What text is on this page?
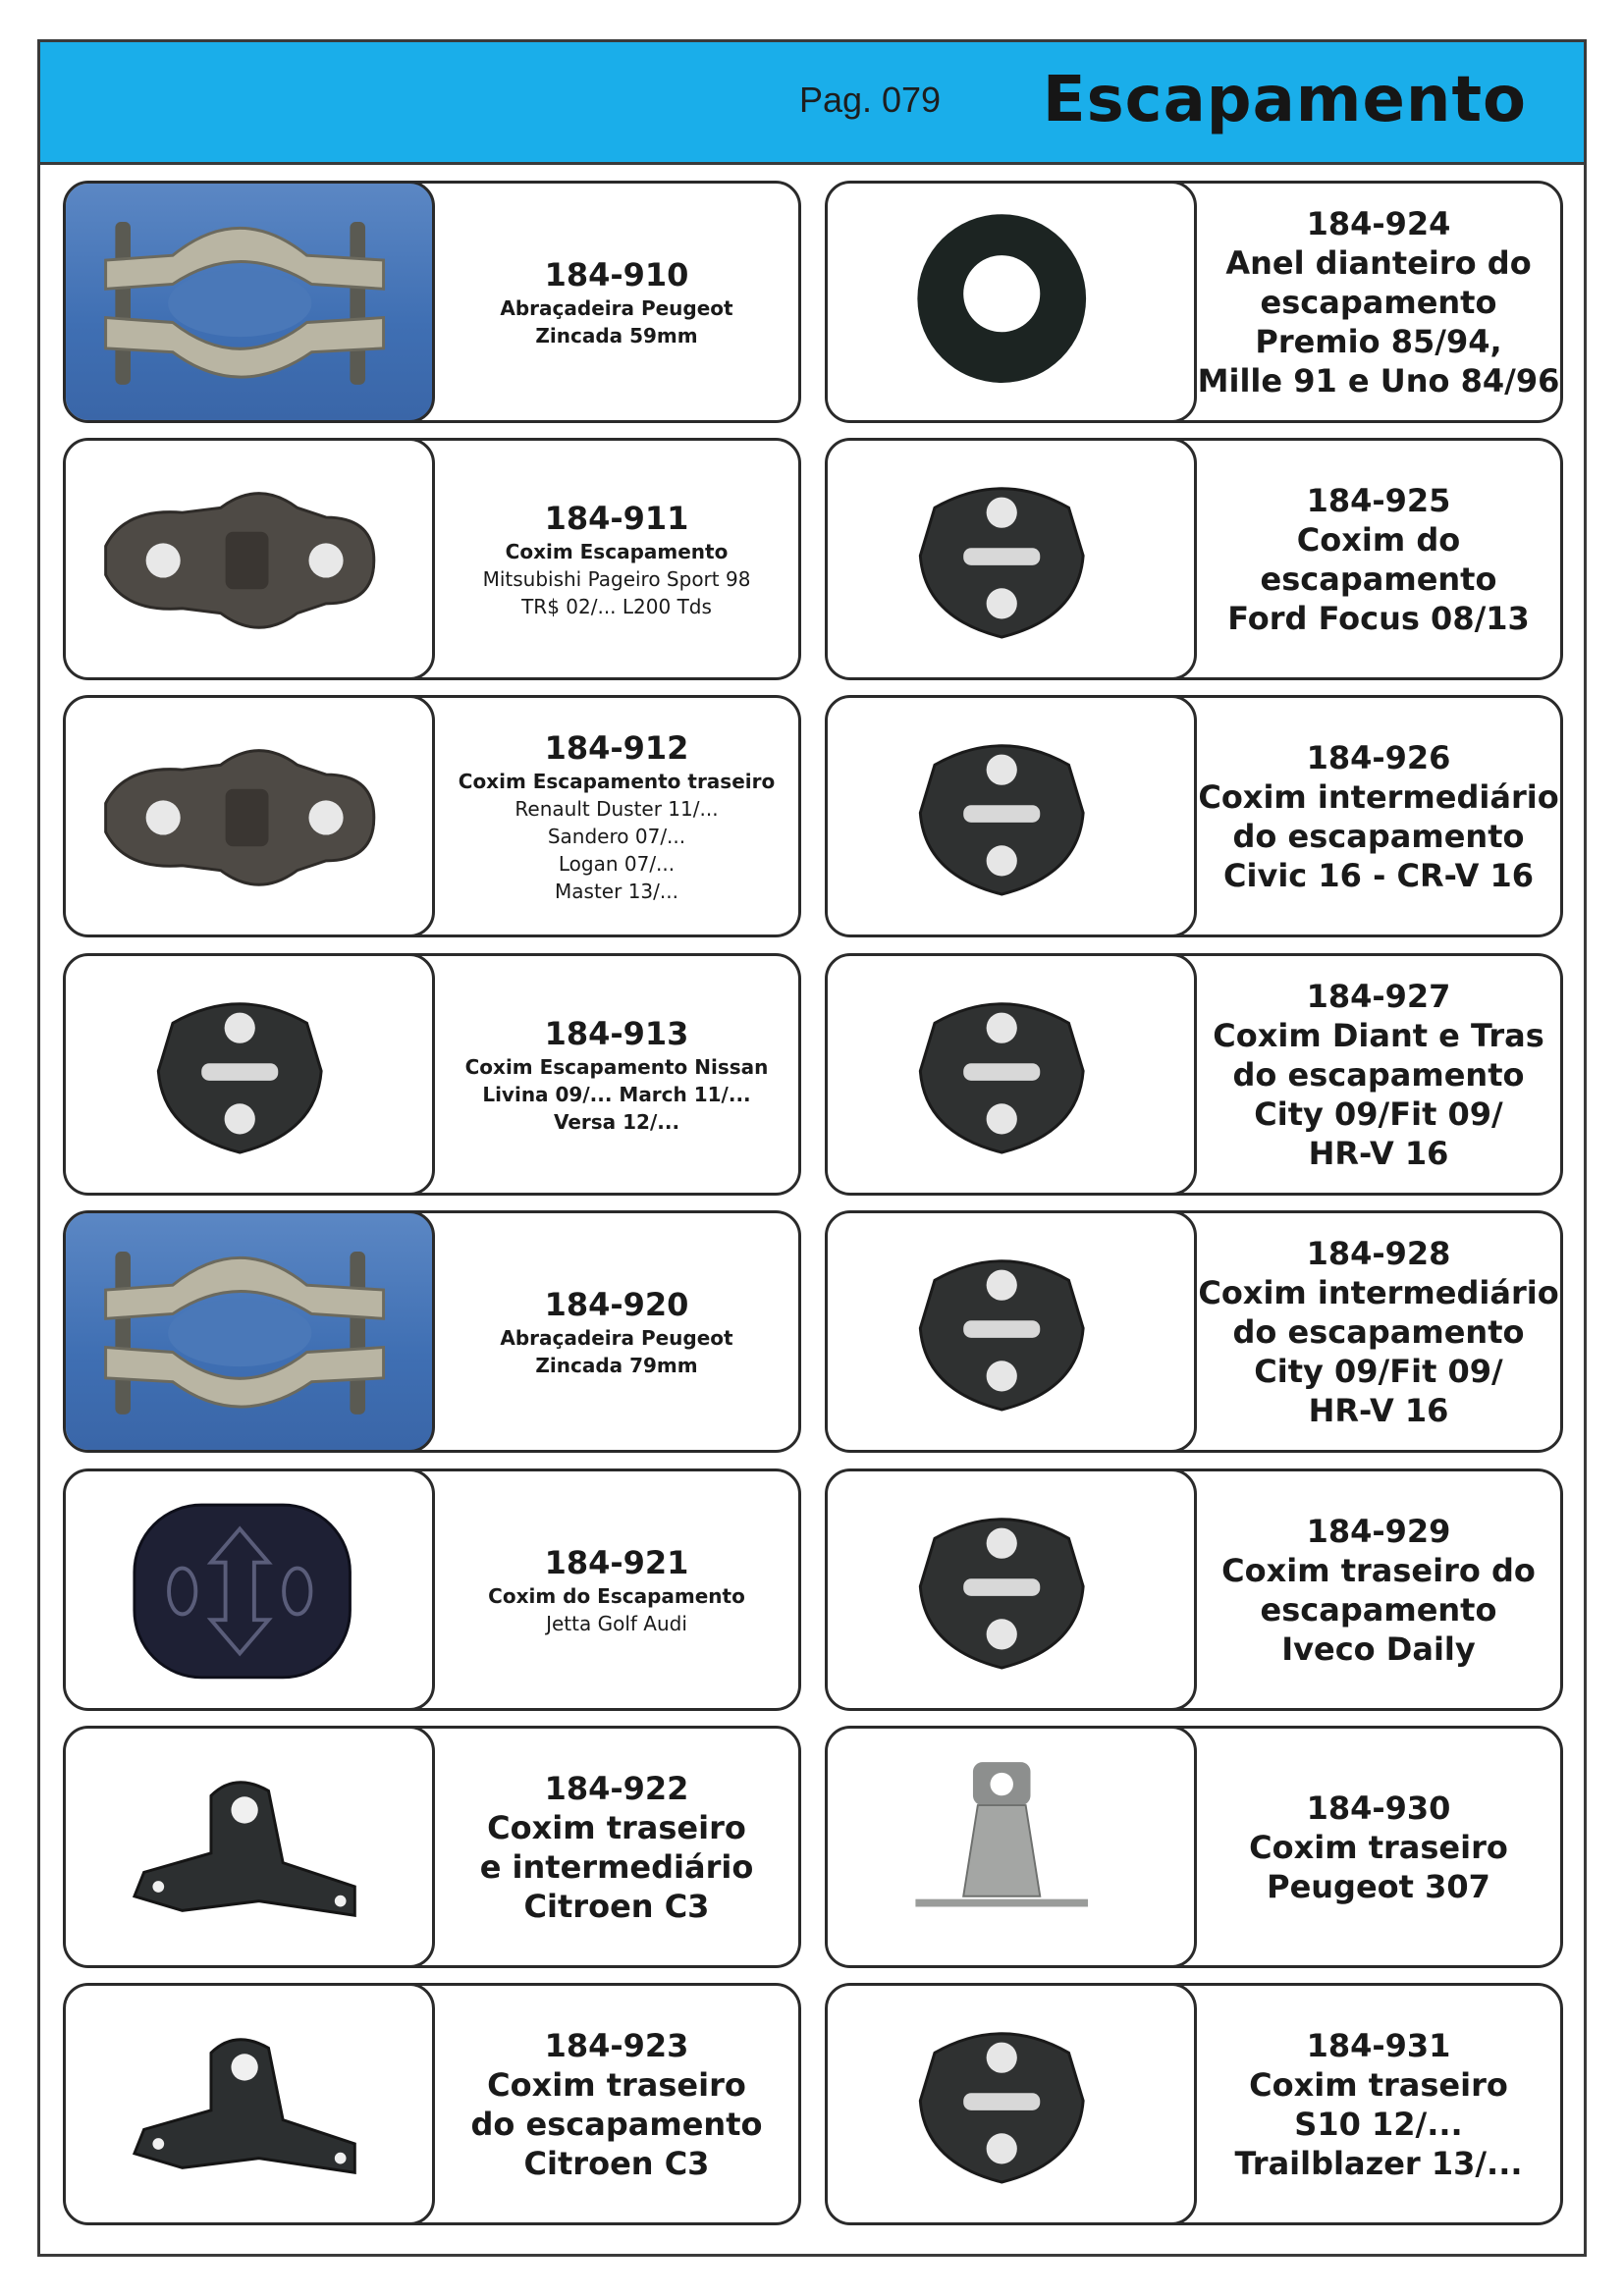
Pag. 079	Escapamento
184-910
Abraçadeira Peugeot
Zincada 59mm
184-911
Coxim Escapamento
Mitsubishi Pageiro Sport 98
TR$ 02/... L200 Tds
184-912
Coxim Escapamento traseiro
Renault Duster 11/...
Sandero 07/...
Logan 07/...
Master 13/...
184-913
Coxim Escapamento Nissan
Livina 09/... March 11/...
Versa 12/...
184-920
Abraçadeira Peugeot
Zincada 79mm
184-921
Coxim do Escapamento
Jetta Golf Audi
184-922
Coxim traseiro
e intermediário
Citroen C3
184-923
Coxim traseiro
do escapamento
Citroen C3
184-924
Anel dianteiro do
escapamento
Premio 85/94,
Mille 91 e Uno 84/96
184-925
Coxim do
escapamento
Ford Focus 08/13
184-926
Coxim intermediário
do escapamento
Civic 16 - CR-V 16
184-927
Coxim Diant e Tras
do escapamento
City 09/Fit 09/
HR-V 16
184-928
Coxim intermediário
do escapamento
City 09/Fit 09/
HR-V 16
184-929
Coxim traseiro do
escapamento
Iveco Daily
184-930
Coxim traseiro
Peugeot 307
184-931
Coxim traseiro
S10 12/...
Trailblazer 13/...
